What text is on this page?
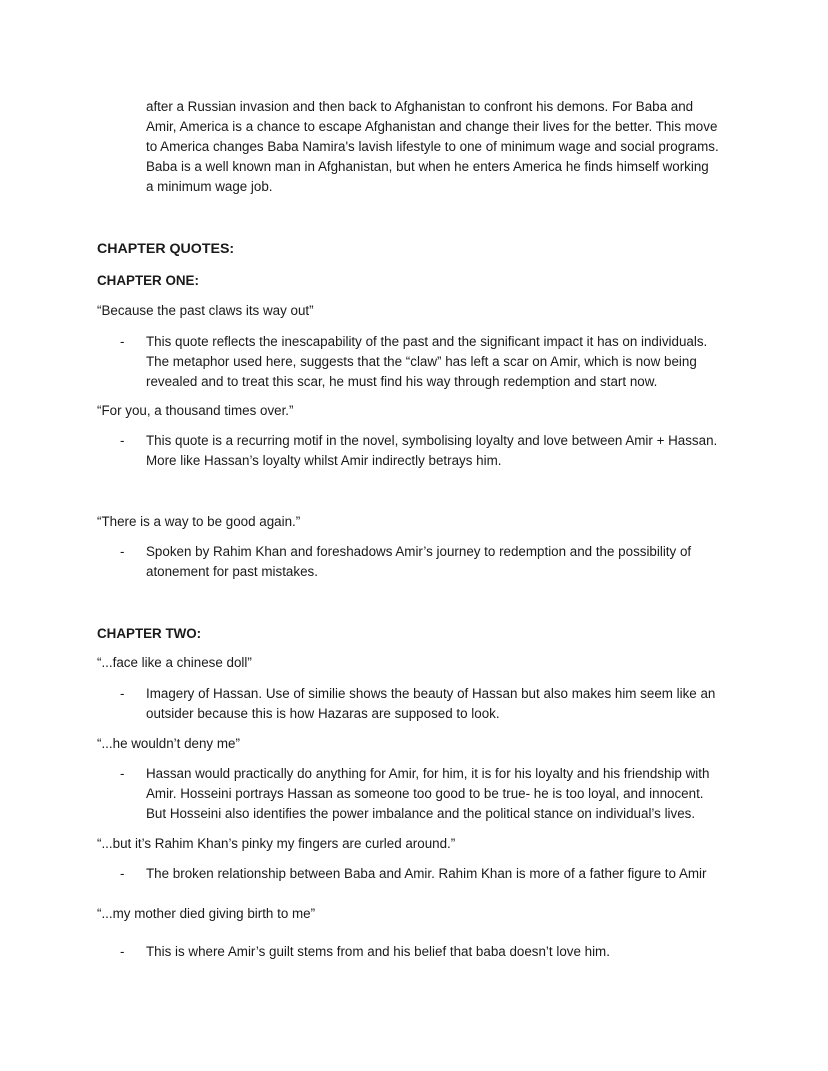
after a Russian invasion and then back to Afghanistan to confront his demons. For Baba and

Amir, America is a chance to escape Afghanistan and change their lives for the better. This move

to America changes Baba Namira's lavish lifestyle to one of minimum wage and social programs.

Baba is a well known man in Afghanistan, but when he enters America he finds himself working

a minimum wage job.

CHAPTER QUOTES:
CHAPTER ONE:
“Because the past claws its way out”
-	This quote reflects the inescapability of the past and the significant impact it has on individuals.

The metaphor used here, suggests that the “claw” has left a scar on Amir, which is now being

revealed and to treat this scar, he must find his way through redemption and start now.

“For you, a thousand times over.”
-	This quote is a recurring motif in the novel, symbolising loyalty and love between Amir + Hassan.

More like Hassan’s loyalty whilst Amir indirectly betrays him.

“There is a way to be good again.”
-	Spoken by Rahim Khan and foreshadows Amir’s journey to redemption and the possibility of

atonement for past mistakes.

CHAPTER TWO:
“...face like a chinese doll”
-	Imagery of Hassan. Use of similie shows the beauty of Hassan but also makes him seem like an

outsider because this is how Hazaras are supposed to look.

“...he wouldn’t deny me”
-	Hassan would practically do anything for Amir, for him, it is for his loyalty and his friendship with

Amir. Hosseini portrays Hassan as someone too good to be true- he is too loyal, and innocent.

But Hosseini also identifies the power imbalance and the political stance on individual’s lives.

“...but it’s Rahim Khan’s pinky my fingers are curled around.”
-	The broken relationship between Baba and Amir. Rahim Khan is more of a father figure to Amir

“...my mother died giving birth to me”
-	This is where Amir’s guilt stems from and his belief that baba doesn’t love him.
